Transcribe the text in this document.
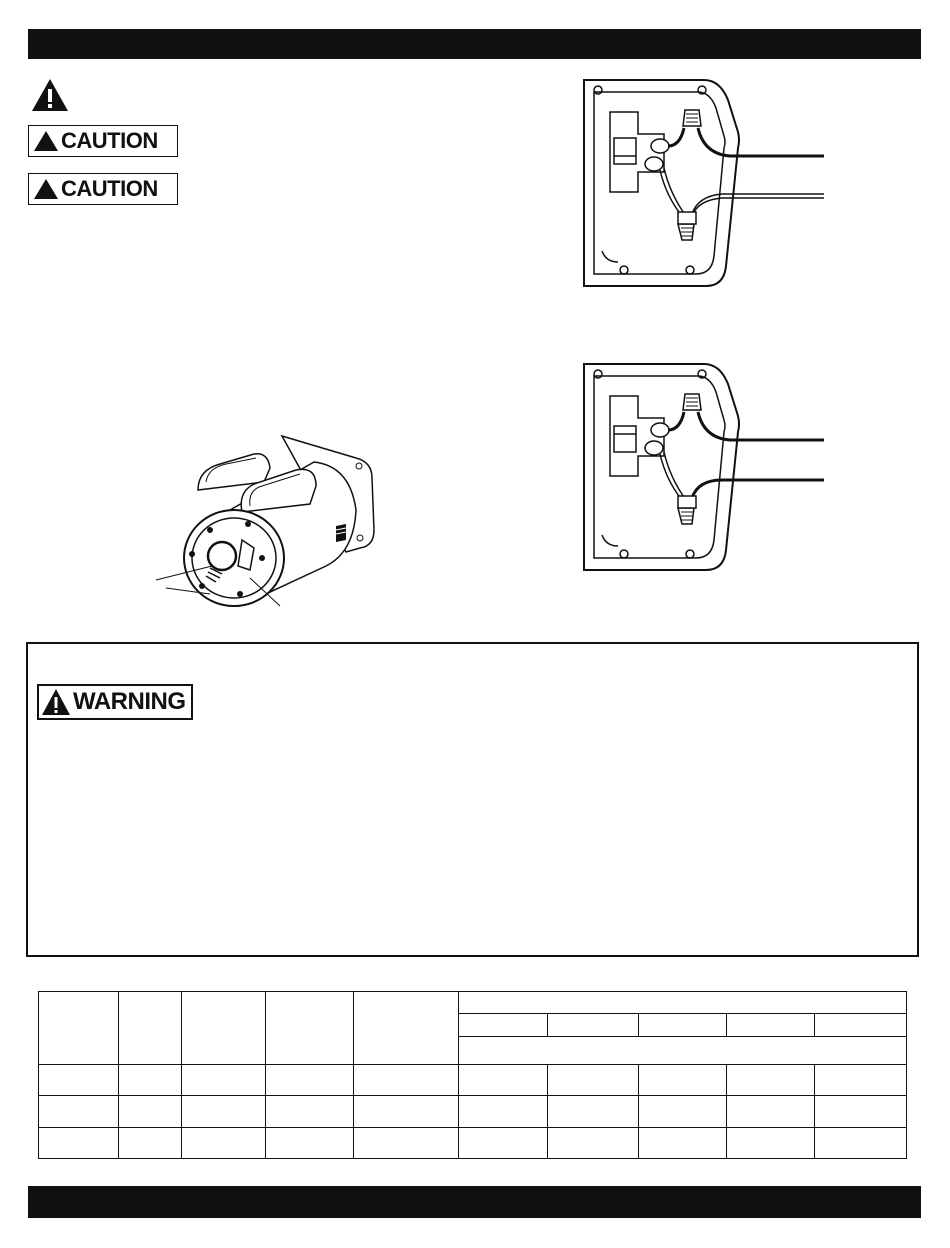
CAUTION
CAUTION
WARNING
